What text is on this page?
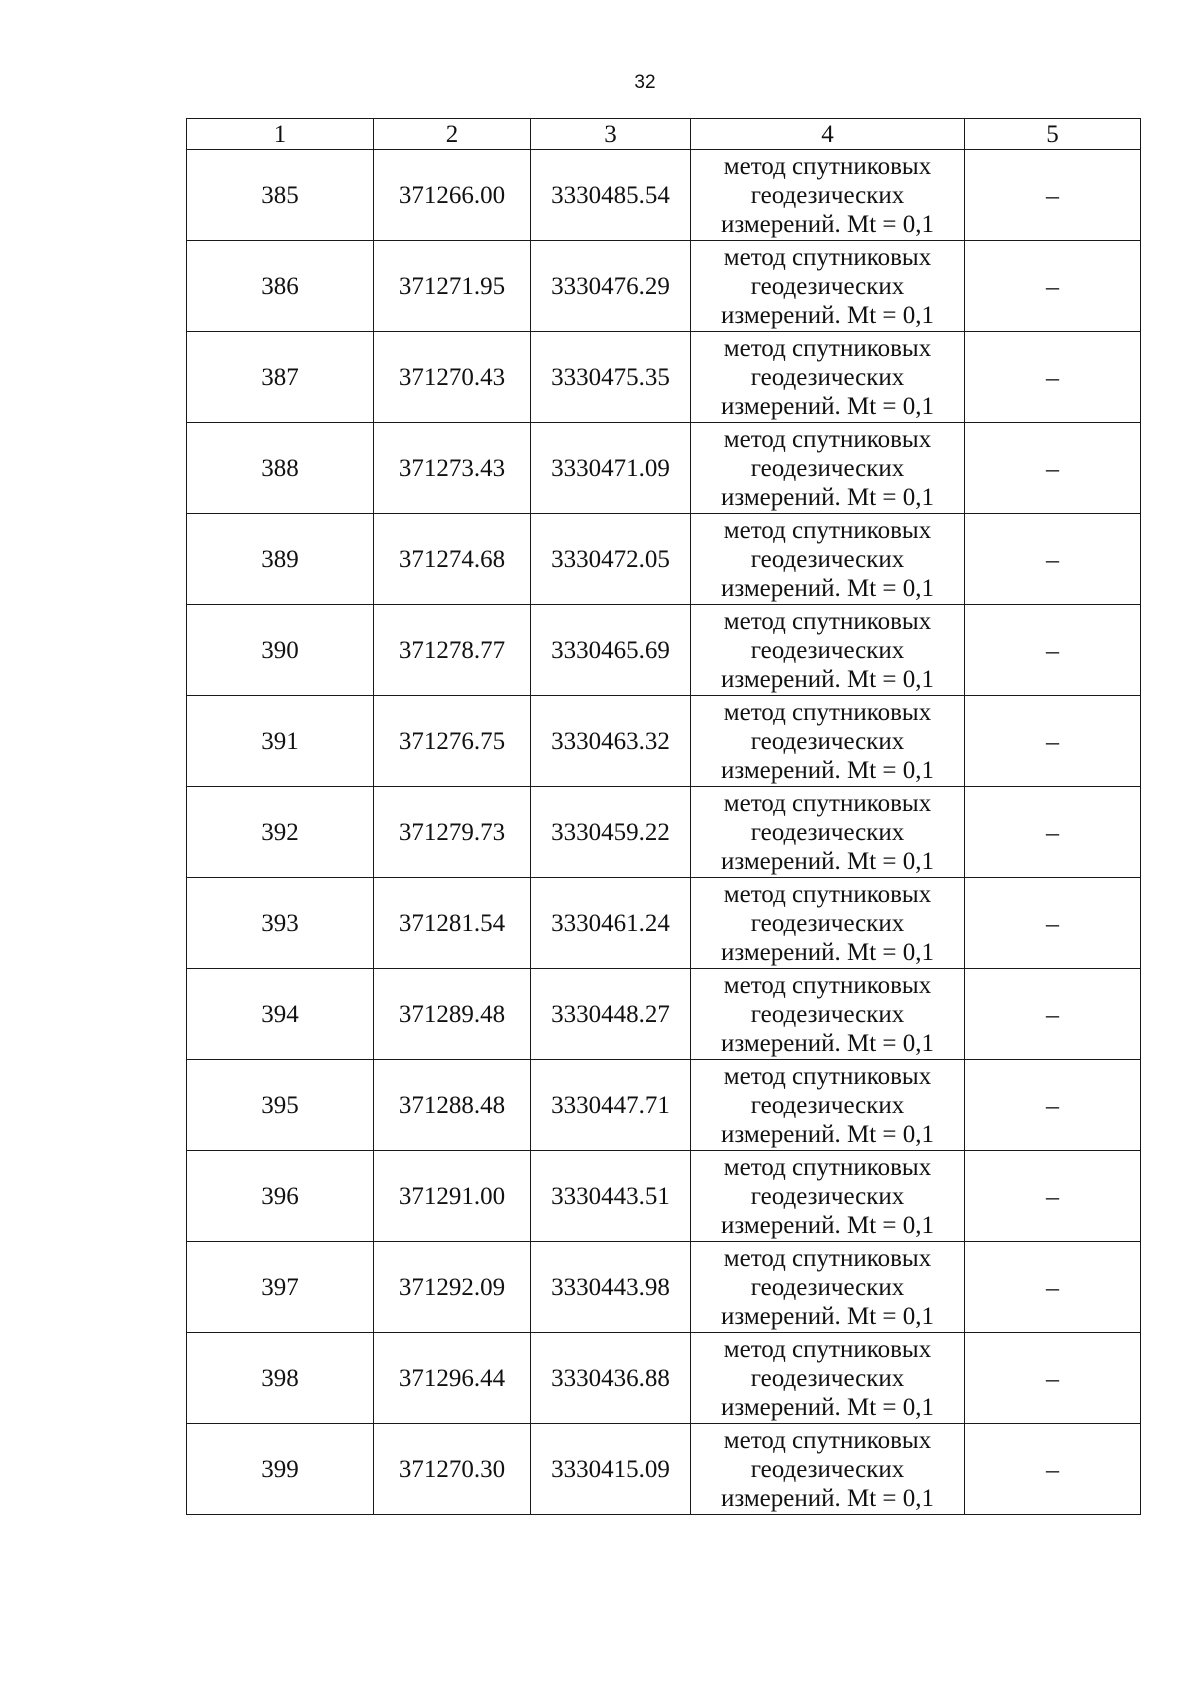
32
1	2	3	4	5
385	371266.00	3330485.54	метод спутниковых
геодезических
измерений. Mt = 0,1	–
386	371271.95	3330476.29	метод спутниковых
геодезических
измерений. Mt = 0,1	–
387	371270.43	3330475.35	метод спутниковых
геодезических
измерений. Mt = 0,1	–
388	371273.43	3330471.09	метод спутниковых
геодезических
измерений. Mt = 0,1	–
389	371274.68	3330472.05	метод спутниковых
геодезических
измерений. Mt = 0,1	–
390	371278.77	3330465.69	метод спутниковых
геодезических
измерений. Mt = 0,1	–
391	371276.75	3330463.32	метод спутниковых
геодезических
измерений. Mt = 0,1	–
392	371279.73	3330459.22	метод спутниковых
геодезических
измерений. Mt = 0,1	–
393	371281.54	3330461.24	метод спутниковых
геодезических
измерений. Mt = 0,1	–
394	371289.48	3330448.27	метод спутниковых
геодезических
измерений. Mt = 0,1	–
395	371288.48	3330447.71	метод спутниковых
геодезических
измерений. Mt = 0,1	–
396	371291.00	3330443.51	метод спутниковых
геодезических
измерений. Mt = 0,1	–
397	371292.09	3330443.98	метод спутниковых
геодезических
измерений. Mt = 0,1	–
398	371296.44	3330436.88	метод спутниковых
геодезических
измерений. Mt = 0,1	–
399	371270.30	3330415.09	метод спутниковых
геодезических
измерений. Mt = 0,1	–
